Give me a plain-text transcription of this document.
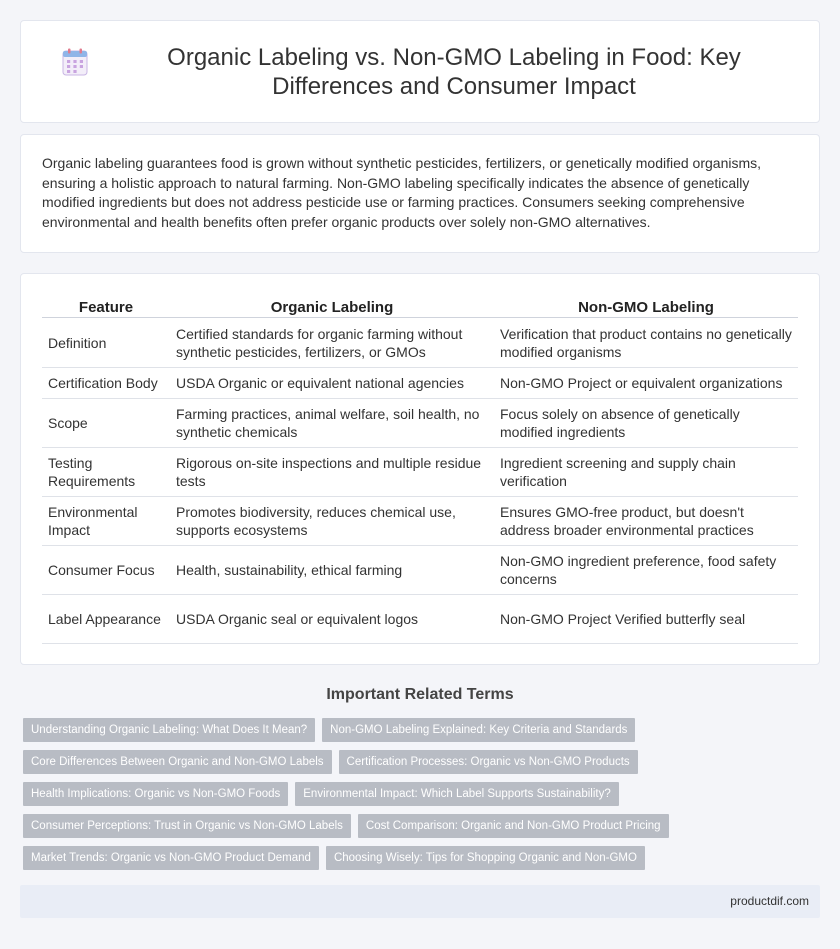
Organic Labeling vs. Non-GMO Labeling in Food: Key Differences and Consumer Impact

Organic labeling guarantees food is grown without synthetic pesticides, fertilizers, or genetically modified organisms, ensuring a holistic approach to natural farming. Non-GMO labeling specifically indicates the absence of genetically modified ingredients but does not address pesticide use or farming practices. Consumers seeking comprehensive environmental and health benefits often prefer organic products over solely non-GMO alternatives.

Feature	Organic Labeling	Non-GMO Labeling
Definition	Certified standards for organic farming without synthetic pesticides, fertilizers, or GMOs	Verification that product contains no genetically modified organisms
Certification Body	USDA Organic or equivalent national agencies	Non-GMO Project or equivalent organizations
Scope	Farming practices, animal welfare, soil health, no synthetic chemicals	Focus solely on absence of genetically modified ingredients
Testing Requirements	Rigorous on-site inspections and multiple residue tests	Ingredient screening and supply chain verification
Environmental Impact	Promotes biodiversity, reduces chemical use, supports ecosystems	Ensures GMO-free product, but doesn't address broader environmental practices
Consumer Focus	Health, sustainability, ethical farming	Non-GMO ingredient preference, food safety concerns
Label Appearance	USDA Organic seal or equivalent logos	Non-GMO Project Verified butterfly seal
Important Related Terms
Understanding Organic Labeling: What Does It Mean?	Non-GMO Labeling Explained: Key Criteria and Standards
Core Differences Between Organic and Non-GMO Labels	Certification Processes: Organic vs Non-GMO Products
Health Implications: Organic vs Non-GMO Foods	Environmental Impact: Which Label Supports Sustainability?
Consumer Perceptions: Trust in Organic vs Non-GMO Labels	Cost Comparison: Organic and Non-GMO Product Pricing
Market Trends: Organic vs Non-GMO Product Demand	Choosing Wisely: Tips for Shopping Organic and Non-GMO
productdif.com
